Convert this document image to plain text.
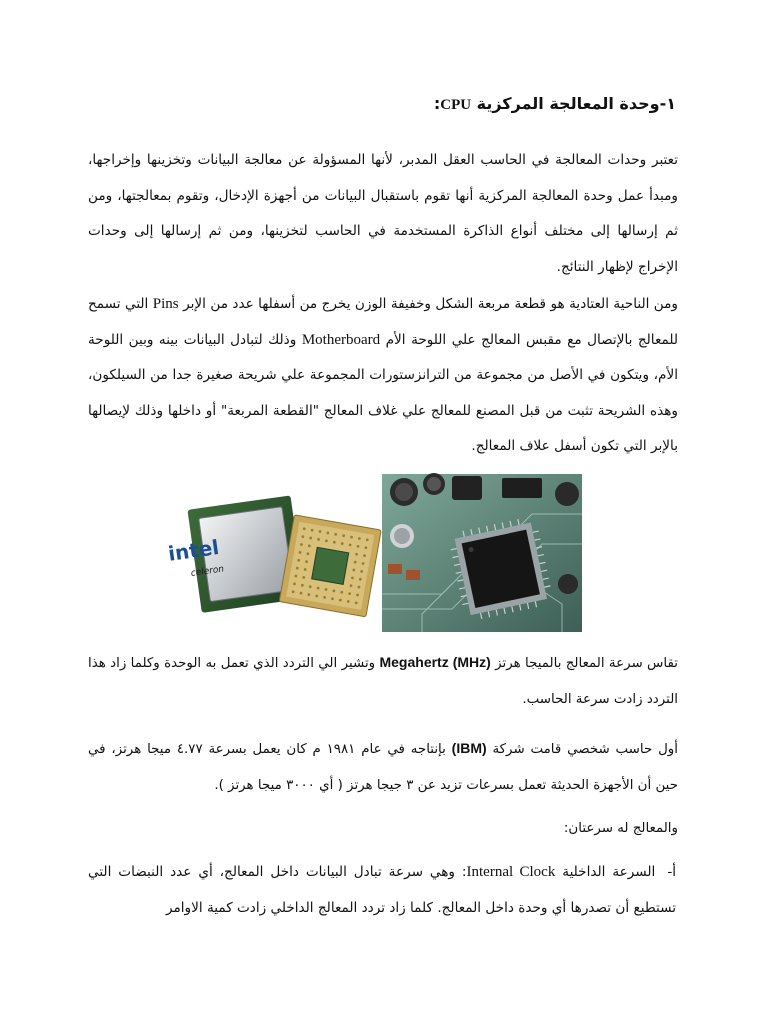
١-وحدة المعالجة المركزية CPU:

تعتبر وحدات المعالجة في الحاسب العقل المدبر، لأنها المسؤولة عن معالجة البيانات وتخزينها وإخراجها، ومبدأ عمل وحدة المعالجة المركزية أنها تقوم باستقبال البيانات من أجهزة الإدخال، وتقوم بمعالجتها، ومن ثم إرسالها إلى مختلف أنواع الذاكرة المستخدمة في الحاسب لتخزينها، ومن ثم إرسالها إلى وحدات الإخراج لإظهار النتائج.

ومن الناحية العتادية هو قطعة مربعة الشكل وخفيفة الوزن يخرج من أسفلها عدد من الإبر Pins التي تسمح للمعالج بالإتصال مع مقبس المعالج علي اللوحة الأم Motherboard وذلك لتبادل البيانات بينه وبين اللوحة الأم، ويتكون في الأصل من مجموعة من الترانزستورات المجموعة علي شريحة صغيرة جدا من السيلكون، وهذه الشريحة تثبت من قبل المصنع للمعالج علي غلاف المعالج "القطعة المربعة" أو داخلها وذلك لإيصالها بالإبر التي تكون أسفل علاف المعالج.

intel
celeron

تقاس سرعة المعالج بالميجا هرتز Megahertz (MHz) وتشير الي التردد الذي تعمل به الوحدة وكلما زاد هذا التردد زادت سرعة الحاسب.

أول حاسب شخصي قامت شركة (IBM) بإنتاجه في عام ١٩٨١ م كان يعمل بسرعة ٤.٧٧ ميجا هرتز، في حين أن الأجهزة الحديثة تعمل بسرعات تزيد عن ٣ جيجا هرتز ( أي ٣٠٠٠ ميجا هرتز ).

والمعالج له سرعتان:

أ-السرعة الداخلية Internal Clock: وهي سرعة تبادل البيانات داخل المعالج، أي عدد النبضات التي تستطيع أن تصدرها أي وحدة داخل المعالج. كلما زاد تردد المعالج الداخلي زادت كمية الاوامر
